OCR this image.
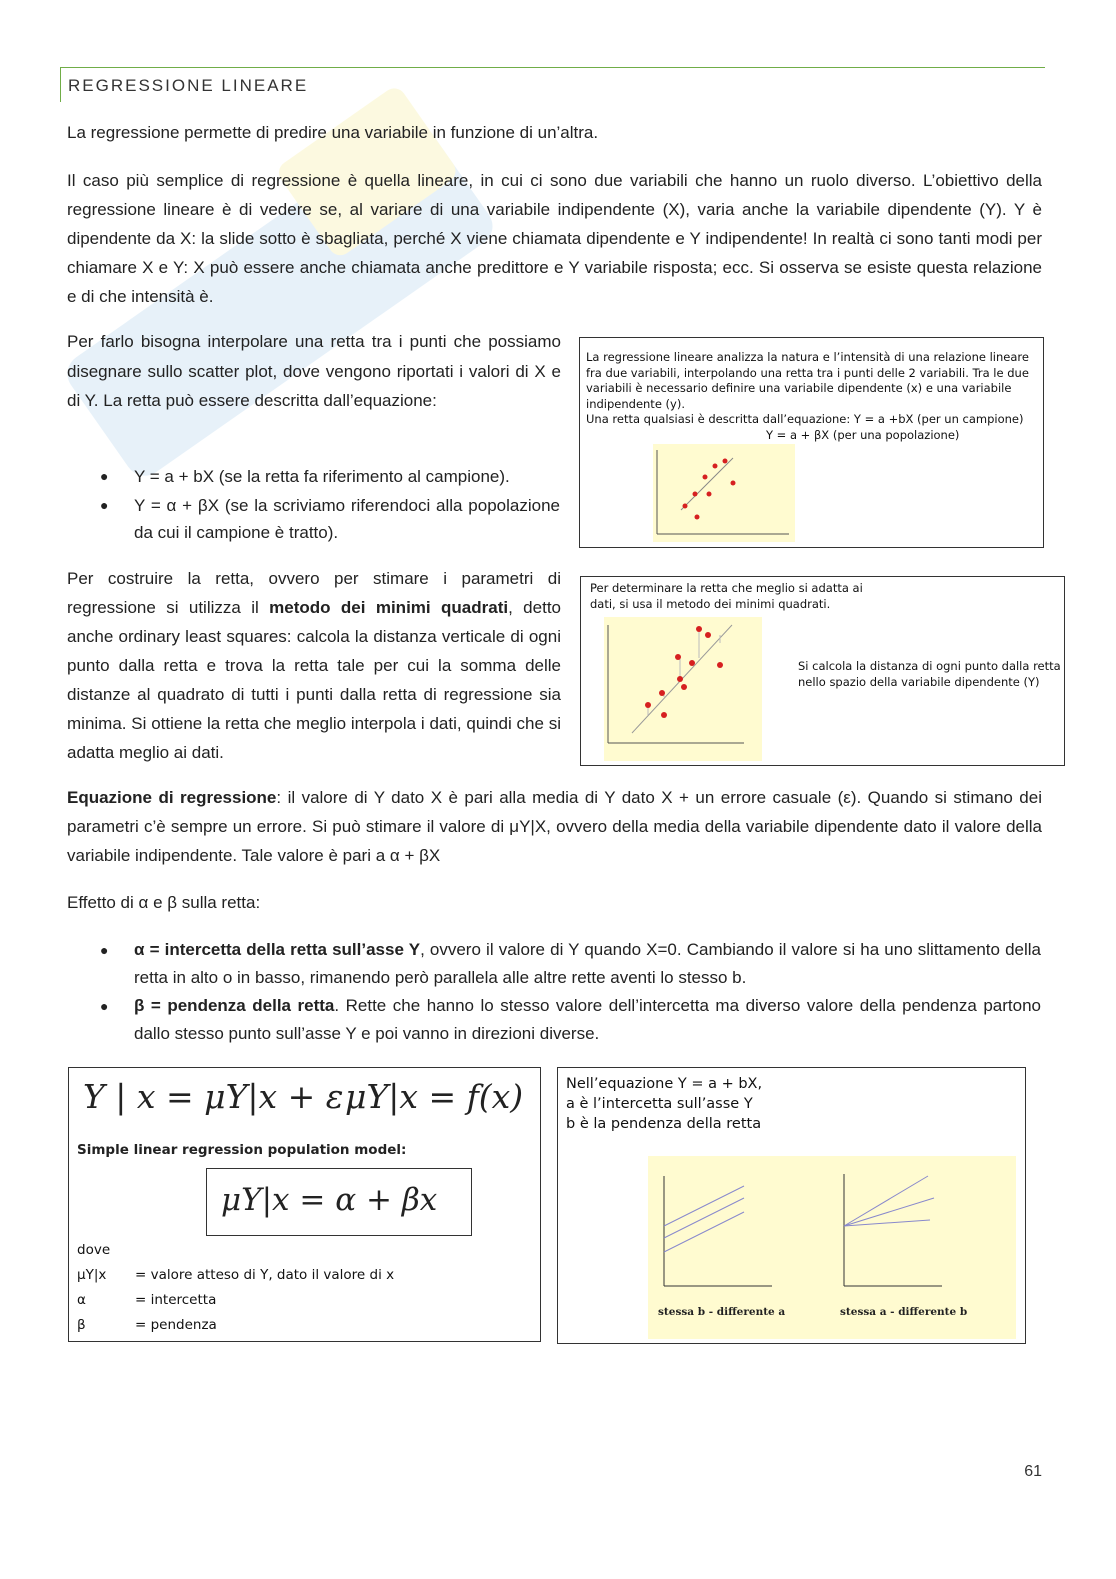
REGRESSIONE LINEARE
La regressione permette di predire una variabile in funzione di un’altra.
Il caso più semplice di regressione è quella lineare, in cui ci sono due variabili che hanno un ruolo diverso. L’obiettivo della regressione lineare è di vedere se, al variare di una variabile indipendente (X), varia anche la variabile dipendente (Y). Y è dipendente da X: la slide sotto è sbagliata, perché X viene chiamata dipendente e Y indipendente! In realtà ci sono tanti modi per chiamare X e Y: X può essere anche chiamata anche predittore e Y variabile risposta; ecc. Si osserva se esiste questa relazione e di che intensità è.
Per farlo bisogna interpolare una retta tra i punti che possiamo disegnare sullo scatter plot, dove vengono riportati i valori di X e di Y. La retta può essere descritta dall’equazione:
● Y = a + bX (se la retta fa riferimento al campione).
● Y = α + βX (se la scriviamo riferendoci alla popolazione da cui il campione è tratto).
La regressione lineare analizza la natura e l’intensità di una relazione lineare
fra due variabili, interpolando una retta tra i punti delle 2 variabili. Tra le due
variabili è necessario definire una variabile dipendente (x) e una variabile
indipendente (y).
Una retta qualsiasi è descritta dall’equazione: Y = a +bX (per un campione)
Y = a + βX (per una popolazione)
Per costruire la retta, ovvero per stimare i parametri di regressione si utilizza il metodo dei minimi quadrati, detto anche ordinary least squares: calcola la distanza verticale di ogni punto dalla retta e trova la retta tale per cui la somma delle distanze al quadrato di tutti i punti dalla retta di regressione sia minima. Si ottiene la retta che meglio interpola i dati, quindi che si adatta meglio ai dati.
Per determinare la retta che meglio si adatta ai
dati, si usa il metodo dei minimi quadrati.
Si calcola la distanza di ogni punto dalla retta
nello spazio della variabile dipendente (Y)
Equazione di regressione: il valore di Y dato X è pari alla media di Y dato X + un errore casuale (ε). Quando si stimano dei parametri c’è sempre un errore. Si può stimare il valore di μY|X, ovvero della media della variabile dipendente dato il valore della variabile indipendente. Tale valore è pari a α + βX
Effetto di α e β sulla retta:
● α = intercetta della retta sull’asse Y, ovvero il valore di Y quando X=0. Cambiando il valore si ha uno slittamento della retta in alto o in basso, rimanendo però parallela alle altre rette aventi lo stesso b.
● β = pendenza della retta. Rette che hanno lo stesso valore dell’intercetta ma diverso valore della pendenza partono dallo stesso punto sull’asse Y e poi vanno in direzioni diverse.
Y | x = μY|x + ε μY|x = f(x)
Simple linear regression population model:
μY|x = α + βx
dove
μY|x = valore atteso di Y, dato il valore di x
α	= intercetta
β	= pendenza
Nell’equazione Y = a + bX,
a è l’intercetta sull’asse Y
b è la pendenza della retta
stessa b - differente a	stessa a - differente b
61
